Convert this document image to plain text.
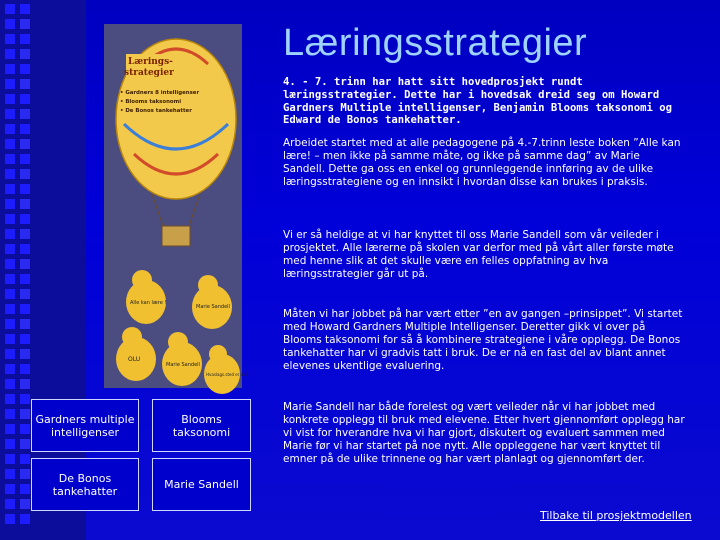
Lærings-
strategier
• Gardners 8 intelligenser
• Blooms taksonomi
• De Bonos tankehatter
Alle kan lære !
Marie Sandell
OLU
Marie Sandell
Hvaslags.sted er du?
Læringsstrategier

4. - 7. trinn har hatt sitt hovedprosjekt rundt læringsstrategier. Dette har i hovedsak dreid seg om Howard Gardners Multiple intelligenser, Benjamin Blooms taksonomi og Edward de Bonos tankehatter.

Arbeidet startet med at alle pedagogene på 4.-7.trinn leste boken ”Alle kan lære! – men ikke på samme måte, og ikke på samme dag” av Marie Sandell. Dette ga oss en enkel og grunnleggende innføring av de ulike læringsstrategiene og en innsikt i hvordan disse kan brukes i praksis.

Vi er så heldige at vi har knyttet til oss Marie Sandell som vår veileder i prosjektet. Alle lærerne på skolen var derfor med på vårt aller første møte med henne slik at det skulle være en felles oppfatning av hva læringsstrategier går ut på.

Måten vi har jobbet på har vært etter ”en av gangen –prinsippet”. Vi startet med Howard Gardners Multiple Intelligenser. Deretter gikk vi over på Blooms taksonomi for så å kombinere strategiene i våre opplegg. De Bonos tankehatter har vi gradvis tatt i bruk. De er nå en fast del av blant annet elevenes ukentlige evaluering.

Marie Sandell har både forelest og vært veileder når vi har jobbet med konkrete opplegg til bruk med elevene. Etter hvert gjennomført opplegg har vi vist for hverandre hva vi har gjort, diskutert og evaluert sammen med Marie før vi har startet på noe nytt. Alle oppleggene har vært knyttet til emner på de ulike trinnene og har vært planlagt og gjennomført der.

Gardners multiple intelligenser
Blooms taksonomi
De Bonos tankehatter	Marie Sandell
Tilbake til prosjektmodellen
